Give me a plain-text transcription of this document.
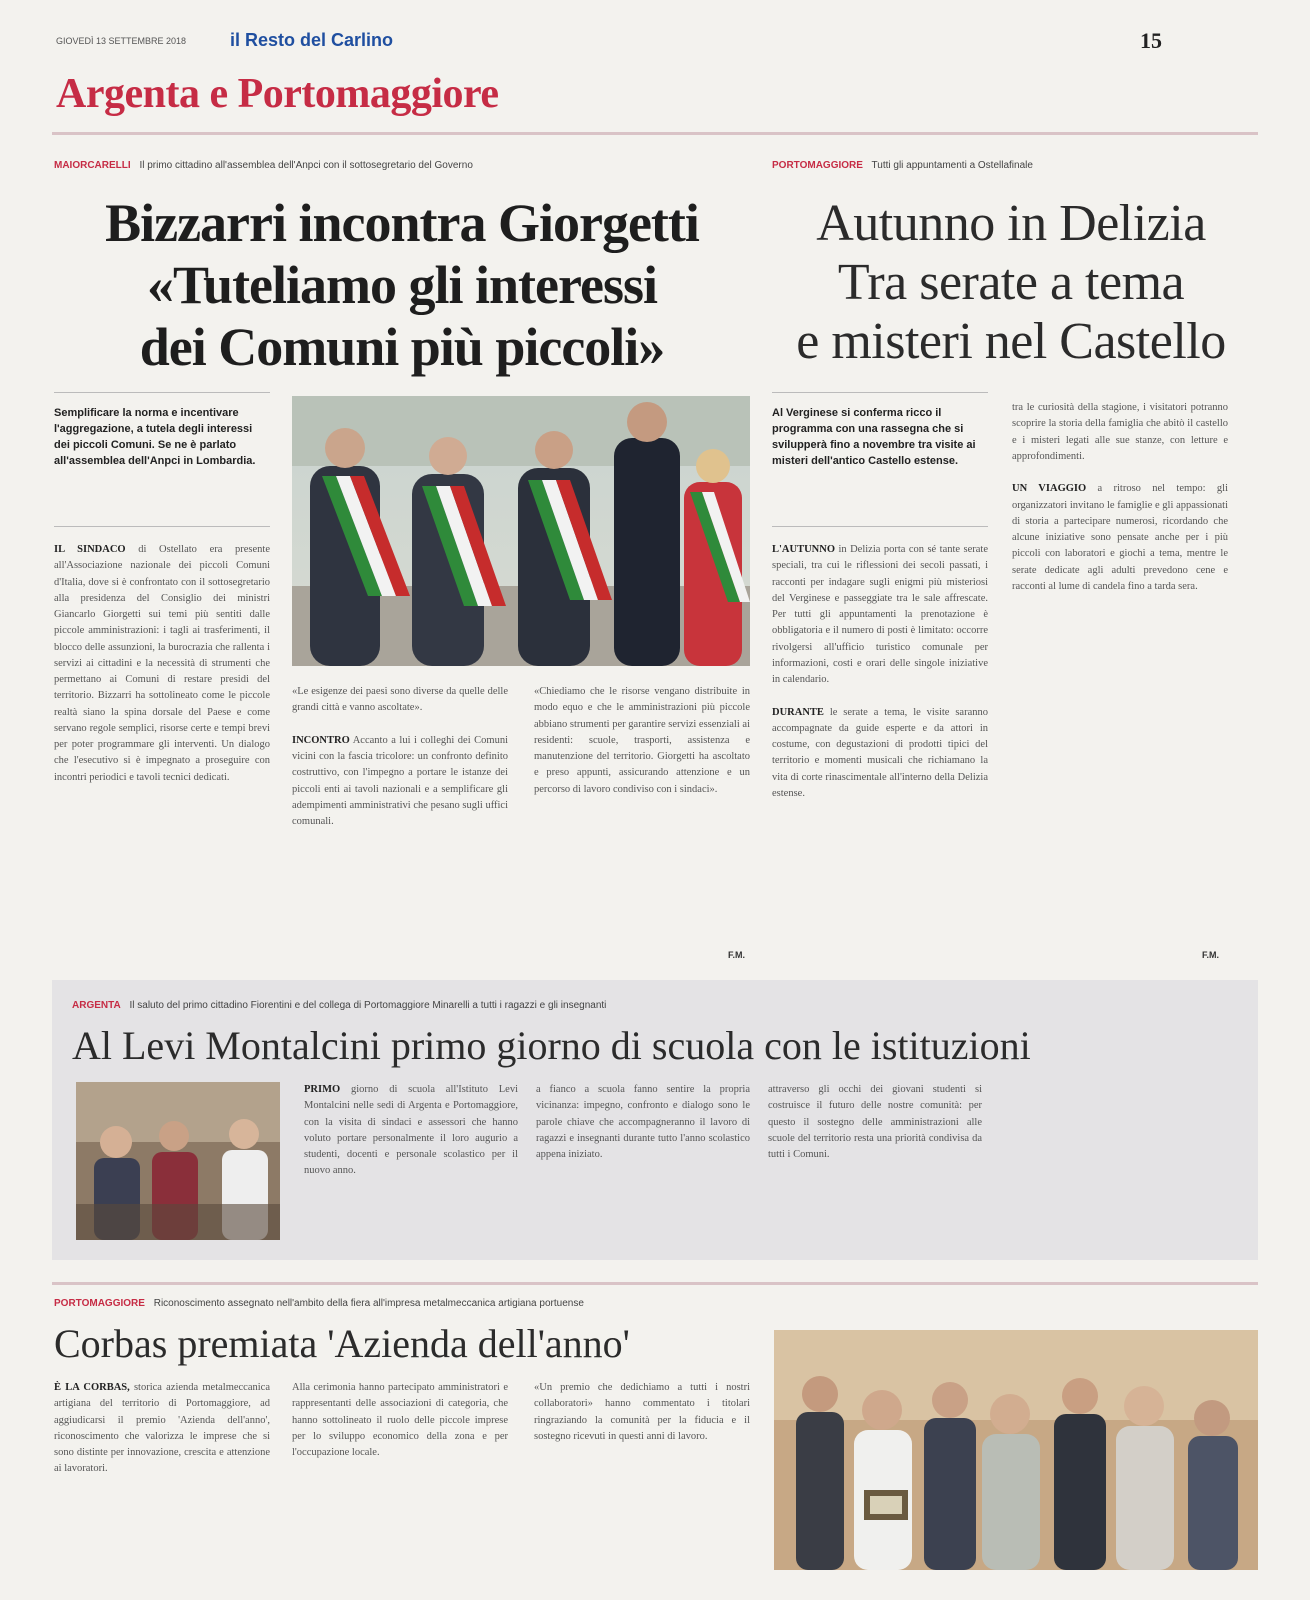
GIOVEDÌ 13 SETTEMBRE 2018 il Resto del Carlino	15
Argenta e Portomaggiore
MAIORCARELLI Il primo cittadino all'assemblea dell'Anpci con il sottosegretario del Governo
Bizzarri incontra Giorgetti
«Tuteliamo gli interessi
dei Comuni più piccoli»
Semplificare la norma e incentivare l'aggregazione, a tutela degli interessi dei piccoli Comuni. Se ne è parlato all'assemblea dell'Anpci in Lombardia.
IL SINDACO di Ostellato era presente all'Associazione nazionale dei piccoli Comuni d'Italia, dove si è confrontato con il sottosegretario alla presidenza del Consiglio dei ministri Giancarlo Giorgetti sui temi più sentiti dalle piccole amministrazioni: i tagli ai trasferimenti, il blocco delle assunzioni, la burocrazia che rallenta i servizi ai cittadini e la necessità di strumenti che permettano ai Comuni di restare presidi del territorio. Bizzarri ha sottolineato come le piccole realtà siano la spina dorsale del Paese e come servano regole semplici, risorse certe e tempi brevi per poter programmare gli interventi. Un dialogo che l'esecutivo si è impegnato a proseguire con incontri periodici e tavoli tecnici dedicati.
«Le esigenze dei paesi sono diverse da quelle delle grandi città e vanno ascoltate».

INCONTRO Accanto a lui i colleghi dei Comuni vicini con la fascia tricolore: un confronto definito costruttivo, con l'impegno a portare le istanze dei piccoli enti ai tavoli nazionali e a semplificare gli adempimenti amministrativi che pesano sugli uffici comunali.
«Chiediamo che le risorse vengano distribuite in modo equo e che le amministrazioni più piccole abbiano strumenti per garantire servizi essenziali ai residenti: scuole, trasporti, assistenza e manutenzione del territorio. Giorgetti ha ascoltato e preso appunti, assicurando attenzione e un percorso di lavoro condiviso con i sindaci».
F.M.
PORTOMAGGIORE Tutti gli appuntamenti a Ostellafinale
Autunno in Delizia
Tra serate a tema
e misteri nel Castello
Al Verginese si conferma ricco il programma con una rassegna che si svilupperà fino a novembre tra visite ai misteri dell'antico Castello estense.
L'AUTUNNO in Delizia porta con sé tante serate speciali, tra cui le riflessioni dei secoli passati, i racconti per indagare sugli enigmi più misteriosi del Verginese e passeggiate tra le sale affrescate. Per tutti gli appuntamenti la prenotazione è obbligatoria e il numero di posti è limitato: occorre rivolgersi all'ufficio turistico comunale per informazioni, costi e orari delle singole iniziative in calendario.

DURANTE le serate a tema, le visite saranno accompagnate da guide esperte e da attori in costume, con degustazioni di prodotti tipici del territorio e momenti musicali che richiamano la vita di corte rinascimentale all'interno della Delizia estense.
tra le curiosità della stagione, i visitatori potranno scoprire la storia della famiglia che abitò il castello e i misteri legati alle sue stanze, con letture e approfondimenti.

UN VIAGGIO a ritroso nel tempo: gli organizzatori invitano le famiglie e gli appassionati di storia a partecipare numerosi, ricordando che alcune iniziative sono pensate anche per i più piccoli con laboratori e giochi a tema, mentre le serate dedicate agli adulti prevedono cene e racconti al lume di candela fino a tarda sera.
F.M.
ARGENTA Il saluto del primo cittadino Fiorentini e del collega di Portomaggiore Minarelli a tutti i ragazzi e gli insegnanti
Al Levi Montalcini primo giorno di scuola con le istituzioni
PRIMO giorno di scuola all'Istituto Levi Montalcini nelle sedi di Argenta e Portomaggiore, con la visita di sindaci e assessori che hanno voluto portare personalmente il loro augurio a studenti, docenti e personale scolastico per il nuovo anno.
a fianco a scuola fanno sentire la propria vicinanza: impegno, confronto e dialogo sono le parole chiave che accompagneranno il lavoro di ragazzi e insegnanti durante tutto l'anno scolastico appena iniziato.
attraverso gli occhi dei giovani studenti si costruisce il futuro delle nostre comunità: per questo il sostegno delle amministrazioni alle scuole del territorio resta una priorità condivisa da tutti i Comuni.
PORTOMAGGIORE Riconoscimento assegnato nell'ambito della fiera all'impresa metalmeccanica artigiana portuense
Corbas premiata 'Azienda dell'anno'
È LA CORBAS, storica azienda metalmeccanica artigiana del territorio di Portomaggiore, ad aggiudicarsi il premio 'Azienda dell'anno', riconoscimento che valorizza le imprese che si sono distinte per innovazione, crescita e attenzione ai lavoratori.
Alla cerimonia hanno partecipato amministratori e rappresentanti delle associazioni di categoria, che hanno sottolineato il ruolo delle piccole imprese per lo sviluppo economico della zona e per l'occupazione locale.
«Un premio che dedichiamo a tutti i nostri collaboratori» hanno commentato i titolari ringraziando la comunità per la fiducia e il sostegno ricevuti in questi anni di lavoro.
